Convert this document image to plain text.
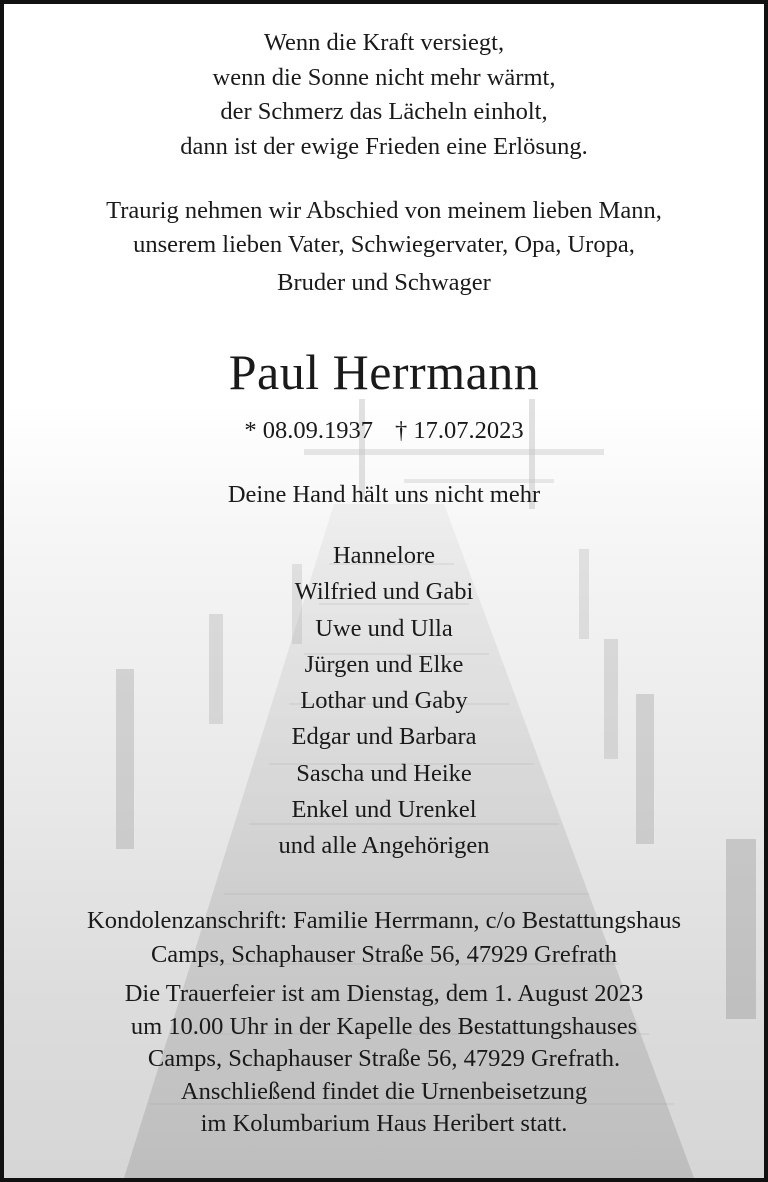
Wenn die Kraft versiegt,
wenn die Sonne nicht mehr wärmt,
der Schmerz das Lächeln einholt,
dann ist der ewige Frieden eine Erlösung.
Traurig nehmen wir Abschied von meinem lieben Mann,
unserem lieben Vater, Schwiegervater, Opa, Uropa,
Bruder und Schwager
Paul Herrmann
* 08.09.1937 † 17.07.2023
Deine Hand hält uns nicht mehr
Hannelore
Wilfried und Gabi
Uwe und Ulla
Jürgen und Elke
Lothar und Gaby
Edgar und Barbara
Sascha und Heike
Enkel und Urenkel
und alle Angehörigen
Kondolenzanschrift: Familie Herrmann, c/o Bestattungshaus
Camps, Schaphauser Straße 56, 47929 Grefrath
Die Trauerfeier ist am Dienstag, dem 1. August 2023
um 10.00 Uhr in der Kapelle des Bestattungshauses
Camps, Schaphauser Straße 56, 47929 Grefrath.
Anschließend findet die Urnenbeisetzung
im Kolumbarium Haus Heribert statt.
